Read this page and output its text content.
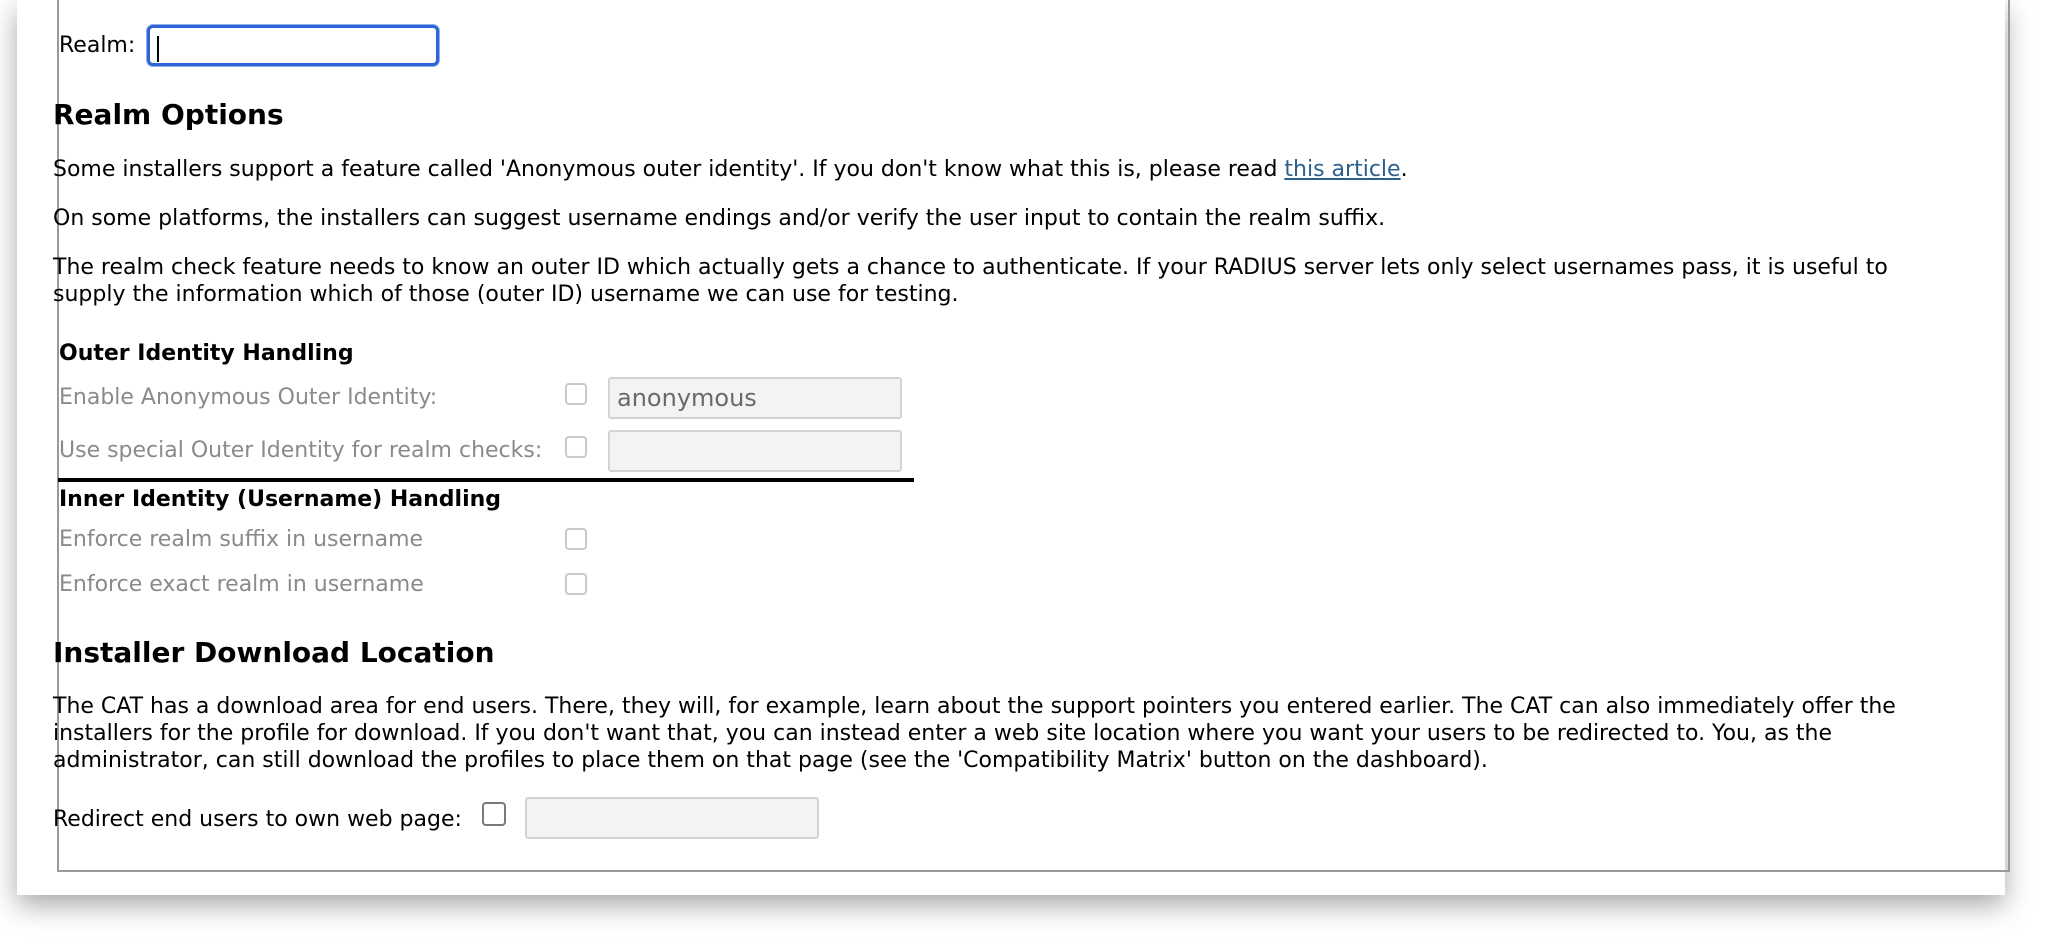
Realm:
Realm Options
Some installers support a feature called 'Anonymous outer identity'. If you don't know what this is, please read this article.
On some platforms, the installers can suggest username endings and/or verify the user input to contain the realm suffix.
The realm check feature needs to know an outer ID which actually gets a chance to authenticate. If your RADIUS server lets only select usernames pass, it is useful to supply the information which of those (outer ID) username we can use for testing.
Outer Identity Handling
Enable Anonymous Outer Identity:	anonymous
Use special Outer Identity for realm checks:
Inner Identity (Username) Handling
Enforce realm suffix in username
Enforce exact realm in username
Installer Download Location
The CAT has a download area for end users. There, they will, for example, learn about the support pointers you entered earlier. The CAT can also immediately offer the installers for the profile for download. If you don't want that, you can instead enter a web site location where you want your users to be redirected to. You, as the administrator, can still download the profiles to place them on that page (see the 'Compatibility Matrix' button on the dashboard).
Redirect end users to own web page:
